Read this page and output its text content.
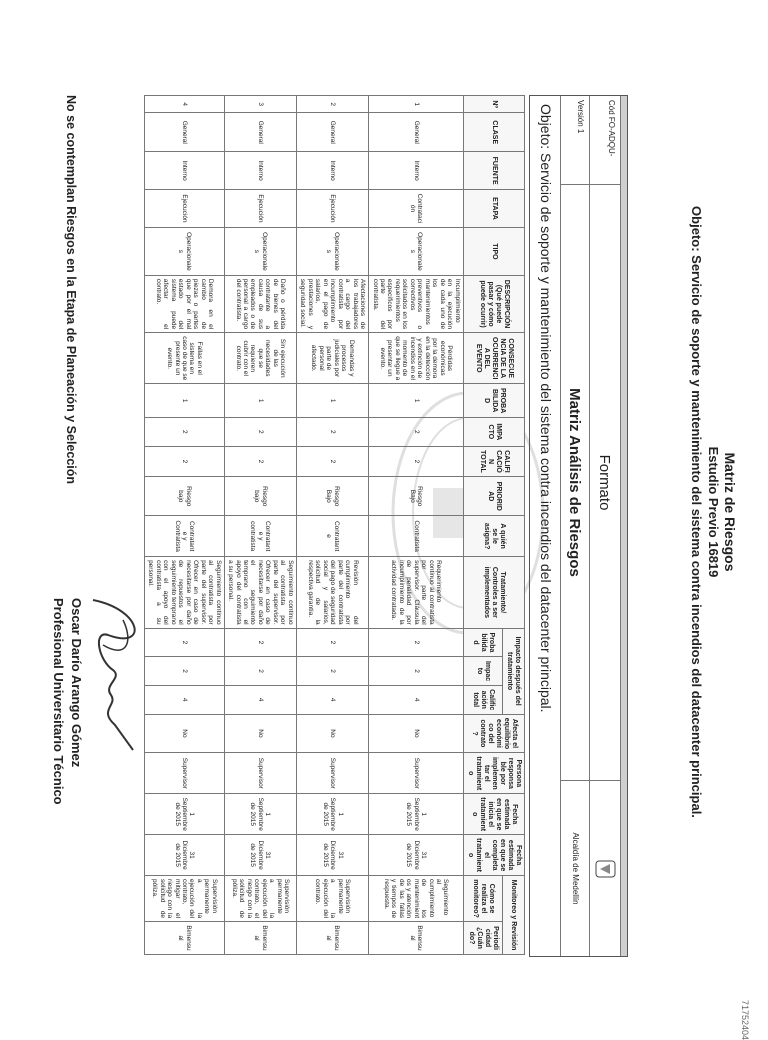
71752404
Matriz de Riesgos
Estudio Previo 16819
Objeto: Servicio de soporte y mantenimiento del sistema contra incendios del datacenter principal.
Cód FO-ADQU-
Formato
Versión 1
Matriz Análisis de Riesgos
Alcaldía de Medellín
Objeto: Servicio de soporte y mantenimiento del sistema contra incendios del datacenter principal.
Nº	CLASE	FUENTE	ETAPA	TIPO	DESCRIPCIÓN (Qué puede pasar y cómo puede ocurrir)	CONSECUENCIA DE LA OCURRENCIA DEL EVENTO	PROBABILIDAD	IMPACTO	CALIFICACIÓN TOTAL	PRIORIDAD	A quién se le asigna?	Tratamiento/ Controles a ser implementados	Impacto después del tratamiento			Afecta el equilibrio económico del contrato?	Persona responsable por implementar el tratamiento	Fecha estimada en que se inicia el tratamiento	Fecha estimada en que se completa el tratamiento	Monitoreo y Revisión	
													Probabilidad	Impacto	Calificación total					Cómo se realiza el monitoreo?	Periodicidad ¿Cuándo?
1	General	Interno	Contratación	Operacionales	Incumplimiento en la ejecución de cada uno de los mantenimientos preventivos o correctivos solicitados en los requerimientos específicos por parte del contratista.	Pérdidas económicas por la demora en la detección y extinción de incendios en el momento de que se llegue a presentar un evento.	1	2	2	Riesgo Bajo	Contratista	Requerimiento continuo al contratista por parte del supervisor. Cláusula de penalidad por incumplimiento de la actividad contratada.	2	2	4	No	Supervisor	1 Septiembre de 2015	31 Diciembre de 2015	Seguimiento al cumplimiento de los mantenimientos y atención de las fallas y tiempos de respuesta.	Bimensual
2	General	Interno	Ejecución	Operacionales	Afectaciones de los trabajadores a cargo del contratista por incumplimiento en el pago de salarios, prestaciones y seguridad social.	Demandas y procesos judiciales por parte de personal afectado.	1	2	2	Riesgo Bajo	Contratante	Revisión del cumplimiento por parte del contratista del pago de seguridad social y salarios, solicitud de la respectiva garantía.	2	2	4	No	Supervisor	1 Septiembre de 2015	31 Diciembre de 2015	Supervisión permanente a la ejecución del contrato.	Bimensual
3	General	Interno	Ejecución	Operacionales	Daño o pérdida de bienes del contratante a causa de sus empleados o de personal a cargo del contratista.	Sin ejecución de las necesidades que se requieren cubrir con el contrato.	1	2	2	Riesgo bajo	Contratante y contratista	Seguimiento continuo al contratista por parte del supervisor. Ofrecer en caso de necesitarse por daño el seguimiento temprano con el apoyo del contratista a su personal.	2	2	4	No	Supervisor	1 Septiembre de 2015	31 Diciembre de 2015	Supervisión permanente a la ejecución del contrato, el riesgo con la solicitud de póliza.	Bimensual
4	General	Interno	Ejecución	Operacionales	Demora en el cambio de piezas o partes que por el mal estado del sistema puede afectar el contrato.	Fallas en el sistema en caso de que se presente un evento.	1	2	2	Riesgo bajo	Contratante y Contratista	Seguimiento continuo al contratista por parte del supervisor. Ofrecer en caso de necesitarse por daño de repuestos el seguimiento temprano con el apoyo del contratista a su personal.	2	2	4	No	Supervisor	1 Septiembre de 2015	31 Diciembre de 2015	Supervisión permanente a la ejecución del contrato, mitigar el riesgo con la solicitud de póliza.	Bimensual
No se contemplan Riesgos en la Etapa de Planeación y Selección
Oscar Darío Arango Gómez
Profesional Universitario Técnico
